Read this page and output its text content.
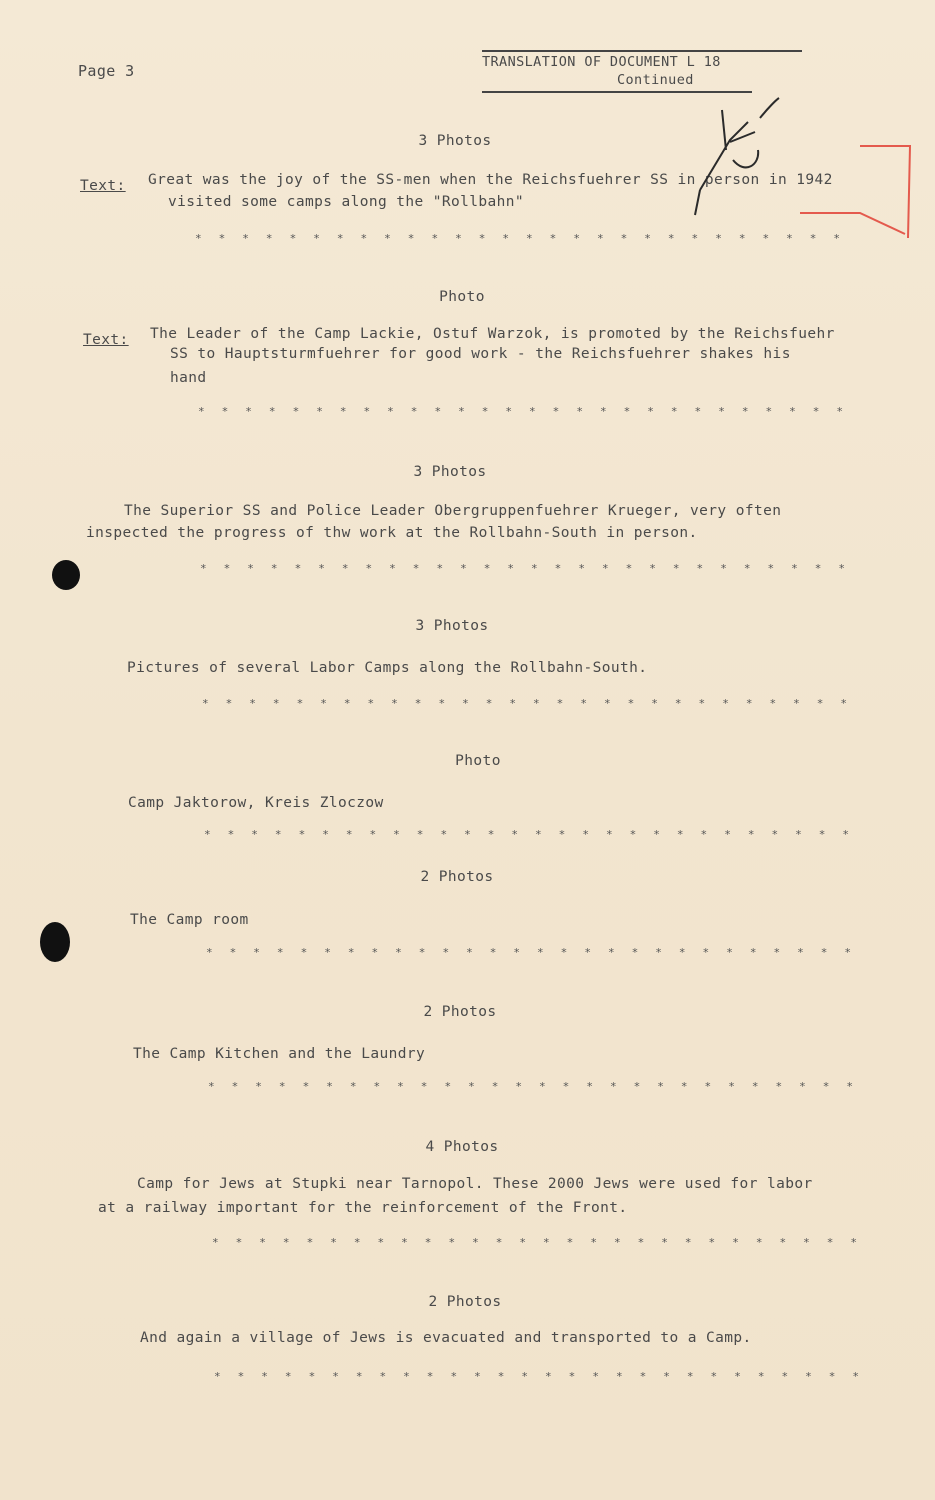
Page 3	TRANSLATION OF DOCUMENT L 18
Continued
3 Photos
Text: Great was the joy of the SS-men when the Reichsfuehrer SS in person in 1942
visited some camps along the "Rollbahn"
* * * * * * * * * * * * * * * * * * * * * * * * * * * *
Photo
Text: The Leader of the Camp Lackie, Ostuf Warzok, is promoted by the Reichsfuehr
SS to Hauptsturmfuehrer for good work - the Reichsfuehrer shakes his
hand
* * * * * * * * * * * * * * * * * * * * * * * * * * * *
3 Photos
The Superior SS and Police Leader Obergruppenfuehrer Krueger, very often
inspected the progress of thw work at the Rollbahn-South in person.
* * * * * * * * * * * * * * * * * * * * * * * * * * * *
3 Photos
Pictures of several Labor Camps along the Rollbahn-South.
* * * * * * * * * * * * * * * * * * * * * * * * * * * *
Photo
Camp Jaktorow, Kreis Zloczow
* * * * * * * * * * * * * * * * * * * * * * * * * * * *
2 Photos
The Camp room
* * * * * * * * * * * * * * * * * * * * * * * * * * * *
2 Photos
The Camp Kitchen and the Laundry
* * * * * * * * * * * * * * * * * * * * * * * * * * * *
4 Photos
Camp for Jews at Stupki near Tarnopol. These 2000 Jews were used for labor
at a railway important for the reinforcement of the Front.
* * * * * * * * * * * * * * * * * * * * * * * * * * * *
2 Photos
And again a village of Jews is evacuated and transported to a Camp.
* * * * * * * * * * * * * * * * * * * * * * * * * * * *
